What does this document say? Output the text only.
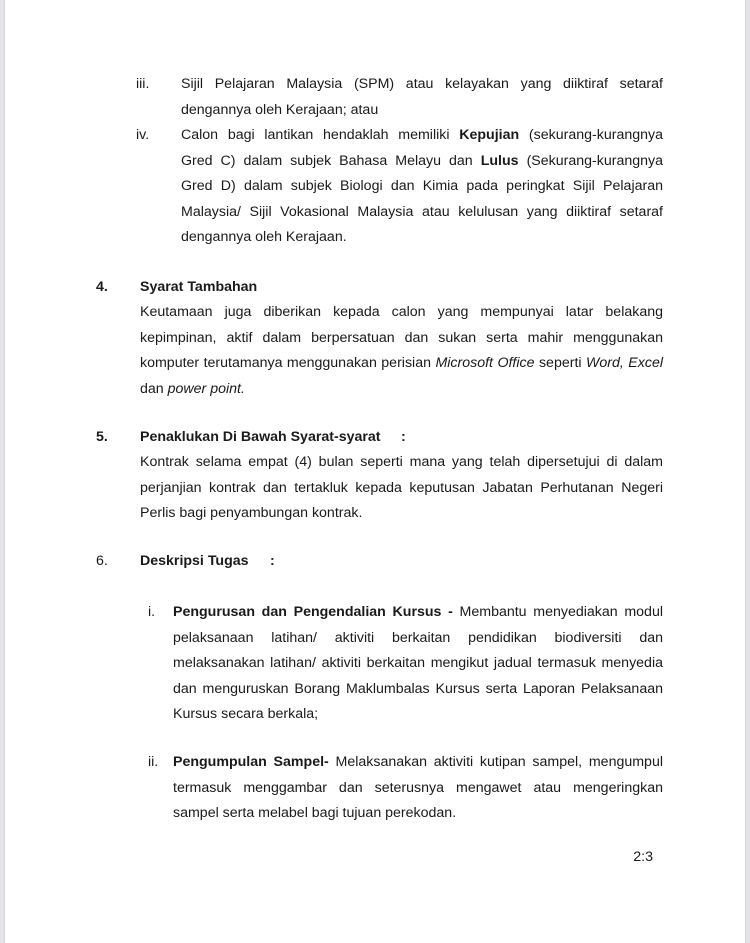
iii. Sijil Pelajaran Malaysia (SPM) atau kelayakan yang diiktiraf setaraf dengannya oleh Kerajaan; atau
iv. Calon bagi lantikan hendaklah memiliki Kepujian (sekurang-kurangnya Gred C) dalam subjek Bahasa Melayu dan Lulus (Sekurang-kurangnya Gred D) dalam subjek Biologi dan Kimia pada peringkat Sijil Pelajaran Malaysia/ Sijil Vokasional Malaysia atau kelulusan yang diiktiraf setaraf dengannya oleh Kerajaan.
4. Syarat Tambahan
Keutamaan juga diberikan kepada calon yang mempunyai latar belakang kepimpinan, aktif dalam berpersatuan dan sukan serta mahir menggunakan komputer terutamanya menggunakan perisian Microsoft Office seperti Word, Excel dan power point.
5. Penaklukan Di Bawah Syarat-syarat :
Kontrak selama empat (4) bulan seperti mana yang telah dipersetujui di dalam perjanjian kontrak dan tertakluk kepada keputusan Jabatan Perhutanan Negeri Perlis bagi penyambungan kontrak.
6. Deskripsi Tugas :
i. Pengurusan dan Pengendalian Kursus - Membantu menyediakan modul pelaksanaan latihan/ aktiviti berkaitan pendidikan biodiversiti dan melaksanakan latihan/ aktiviti berkaitan mengikut jadual termasuk menyedia dan menguruskan Borang Maklumbalas Kursus serta Laporan Pelaksanaan Kursus secara berkala;
ii. Pengumpulan Sampel- Melaksanakan aktiviti kutipan sampel, mengumpul termasuk menggambar dan seterusnya mengawet atau mengeringkan sampel serta melabel bagi tujuan perekodan.
2:3
